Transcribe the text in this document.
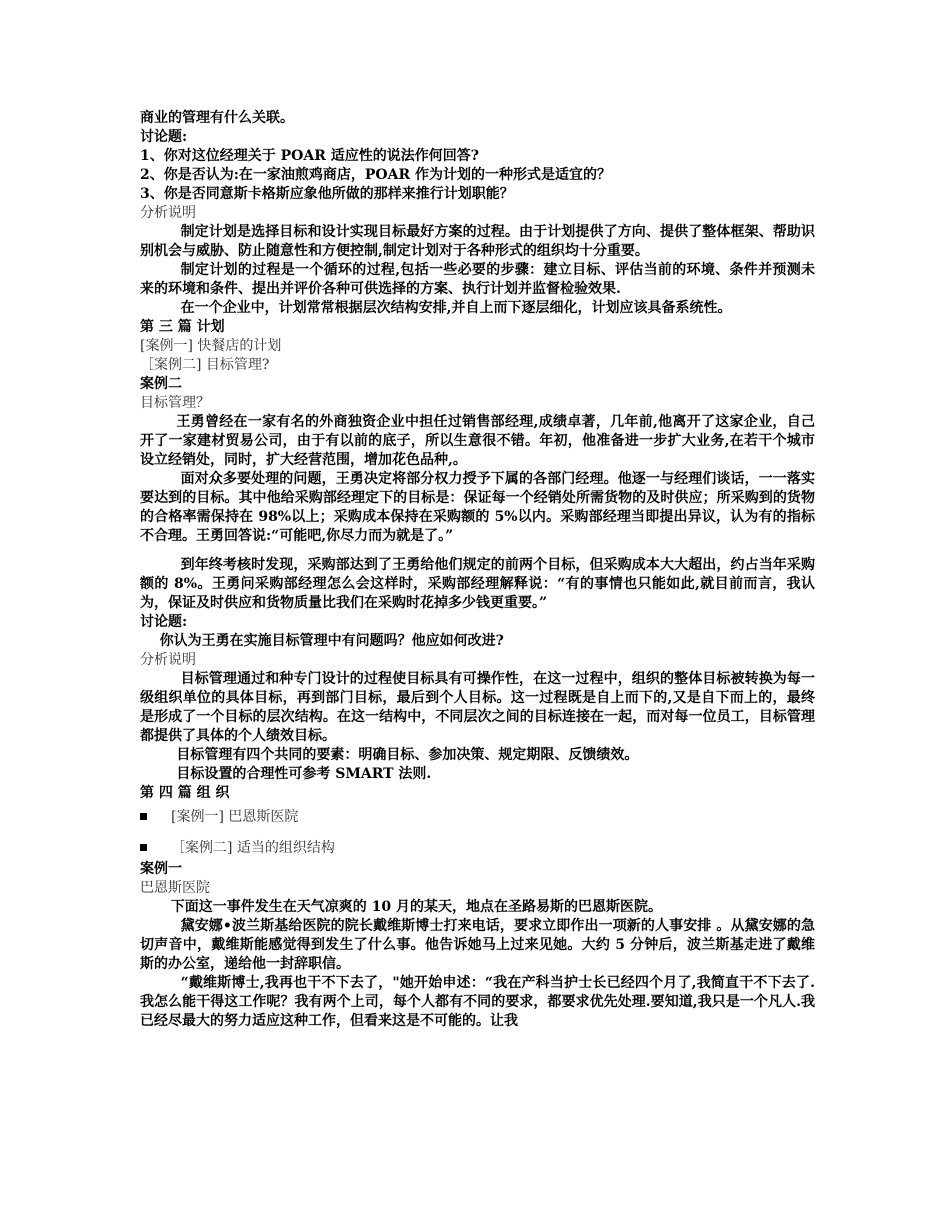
商业的管理有什么关联。

讨论题:

1、你对这位经理关于 POAR 适应性的说法作何回答?

2、你是否认为:在一家油煎鸡商店，POAR 作为计划的一种形式是适宜的？

3、你是否同意斯卡格斯应象他所做的那样来推行计划职能？

分析说明

制定计划是选择目标和设计实现目标最好方案的过程。由于计划提供了方向、提供了整体框架、帮助识别机会与威胁、防止随意性和方便控制,制定计划对于各种形式的组织均十分重要。

制定计划的过程是一个循环的过程,包括一些必要的步骤：建立目标、评估当前的环境、条件并预测未来的环境和条件、提出并评价各种可供选择的方案、执行计划并监督检验效果.

在一个企业中，计划常常根据层次结构安排,并自上而下逐层细化，计划应该具备系统性。

第 三 篇 计划

[案例一] 快餐店的计划

［案例二] 目标管理?

案例二

目标管理？

王勇曾经在一家有名的外商独资企业中担任过销售部经理,成绩卓著，几年前,他离开了这家企业，自己开了一家建材贸易公司，由于有以前的底子，所以生意很不错。年初，他准备进一步扩大业务,在若干个城市设立经销处，同时，扩大经营范围，增加花色品种,。

面对众多要处理的问题，王勇决定将部分权力授予下属的各部门经理。他逐一与经理们谈话，一一落实要达到的目标。其中他给采购部经理定下的目标是：保证每一个经销处所需货物的及时供应；所采购到的货物的合格率需保持在 98%以上；采购成本保持在采购额的 5%以内。采购部经理当即提出异议，认为有的指标不合理。王勇回答说:“可能吧,你尽力而为就是了。”

到年终考核时发现，采购部达到了王勇给他们规定的前两个目标，但采购成本大大超出，约占当年采购额的 8%。王勇问采购部经理怎么会这样时，采购部经理解释说：“有的事情也只能如此,就目前而言，我认为，保证及时供应和货物质量比我们在采购时花掉多少钱更重要。”

讨论题:

你认为王勇在实施目标管理中有问题吗？他应如何改进?

分析说明

目标管理通过和种专门设计的过程使目标具有可操作性，在这一过程中，组织的整体目标被转换为每一级组织单位的具体目标，再到部门目标，最后到个人目标。这一过程既是自上而下的,又是自下而上的，最终是形成了一个目标的层次结构。在这一结构中，不同层次之间的目标连接在一起，而对每一位员工，目标管理都提供了具体的个人绩效目标。

目标管理有四个共同的要素：明确目标、参加决策、规定期限、反馈绩效。

目标设置的合理性可参考 SMART 法则.

第 四 篇 组 织

[案例一] 巴恩斯医院
［案例二] 适当的组织结构

案例一

巴恩斯医院

下面这一事件发生在天气凉爽的 10 月的某天，地点在圣路易斯的巴恩斯医院。

黛安娜•波兰斯基给医院的院长戴维斯博士打来电话，要求立即作出一项新的人事安排 。从黛安娜的急切声音中，戴维斯能感觉得到发生了什么事。他告诉她马上过来见她。大约 5 分钟后，波兰斯基走进了戴维斯的办公室，递给他一封辞职信。

“戴维斯博士,我再也干不下去了，"她开始申述：“我在产科当护士长已经四个月了,我简直干不下去了.我怎么能干得这工作呢？我有两个上司，每个人都有不同的要求，都要求优先处理.要知道,我只是一个凡人.我已经尽最大的努力适应这种工作，但看来这是不可能的。让我
